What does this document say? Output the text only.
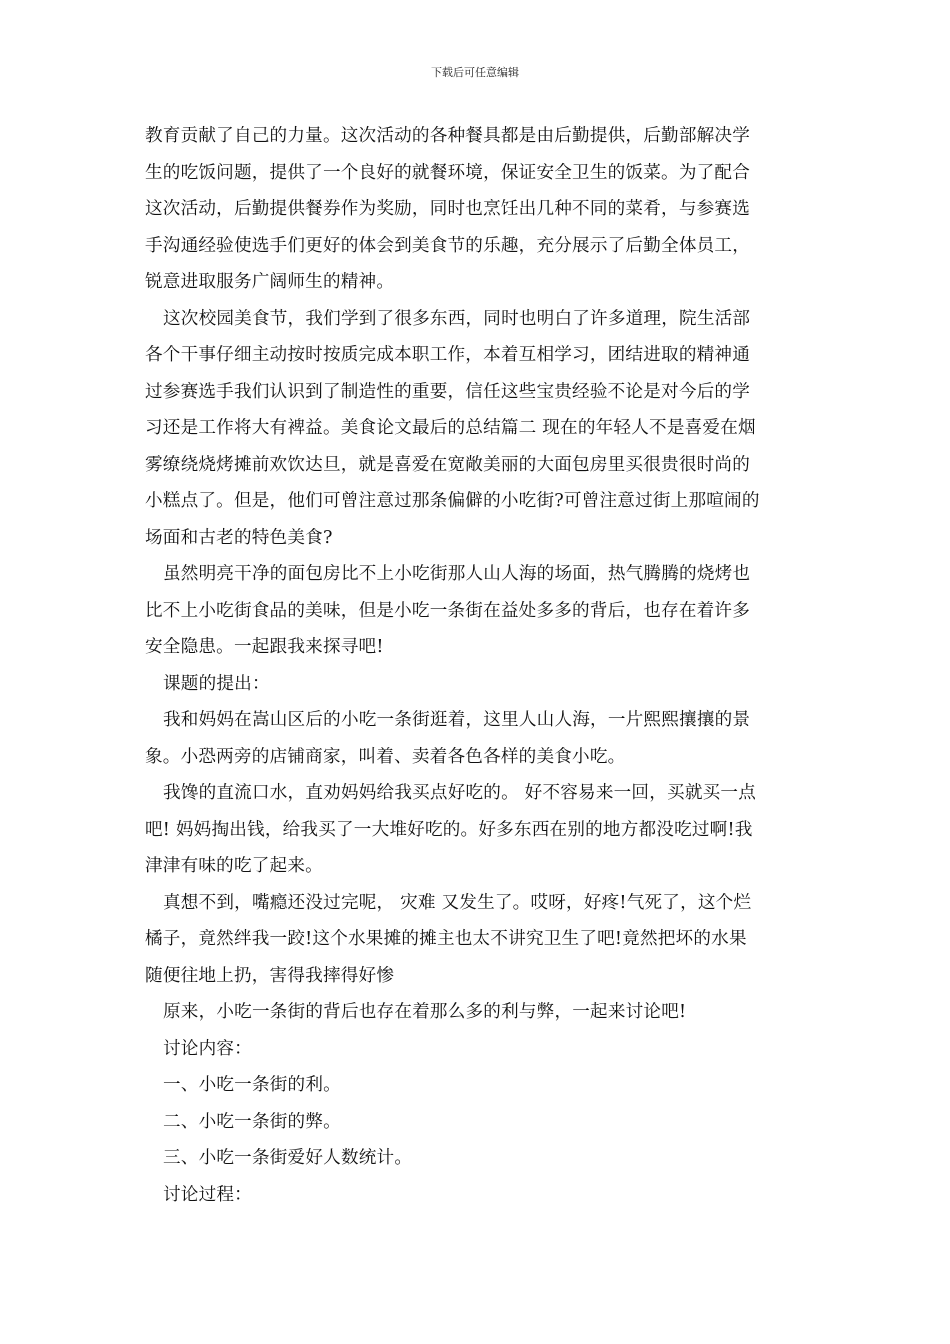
下载后可任意编辑
教育贡献了自己的力量。这次活动的各种餐具都是由后勤提供，后勤部解决学
生的吃饭问题，提供了一个良好的就餐环境，保证安全卫生的饭菜。为了配合
这次活动，后勤提供餐券作为奖励，同时也烹饪出几种不同的菜肴，与参赛选
手沟通经验使选手们更好的体会到美食节的乐趣，充分展示了后勤全体员工，
锐意进取服务广阔师生的精神。
这次校园美食节，我们学到了很多东西，同时也明白了许多道理，院生活部
各个干事仔细主动按时按质完成本职工作，本着互相学习，团结进取的精神通
过参赛选手我们认识到了制造性的重要，信任这些宝贵经验不论是对今后的学
习还是工作将大有裨益。美食论文最后的总结篇二 现在的年轻人不是喜爱在烟
雾缭绕烧烤摊前欢饮达旦，就是喜爱在宽敞美丽的大面包房里买很贵很时尚的
小糕点了。但是，他们可曾注意过那条偏僻的小吃街?可曾注意过街上那喧闹的
场面和古老的特色美食?
虽然明亮干净的面包房比不上小吃街那人山人海的场面，热气腾腾的烧烤也
比不上小吃街食品的美味，但是小吃一条街在益处多多的背后，也存在着许多
安全隐患。一起跟我来探寻吧!
课题的提出：
我和妈妈在嵩山区后的小吃一条街逛着，这里人山人海，一片熙熙攘攘的景
象。小恐两旁的店铺商家，叫着、卖着各色各样的美食小吃。
我馋的直流口水，直劝妈妈给我买点好吃的。 好不容易来一回，买就买一点
吧! 妈妈掏出钱，给我买了一大堆好吃的。好多东西在别的地方都没吃过啊!我
津津有味的吃了起来。
真想不到，嘴瘾还没过完呢， 灾难 又发生了。哎呀，好疼!气死了，这个烂
橘子，竟然绊我一跤!这个水果摊的摊主也太不讲究卫生了吧!竟然把坏的水果
随便往地上扔，害得我摔得好惨
原来，小吃一条街的背后也存在着那么多的利与弊，一起来讨论吧!
讨论内容：
一、小吃一条街的利。
二、小吃一条街的弊。
三、小吃一条街爱好人数统计。
讨论过程：
